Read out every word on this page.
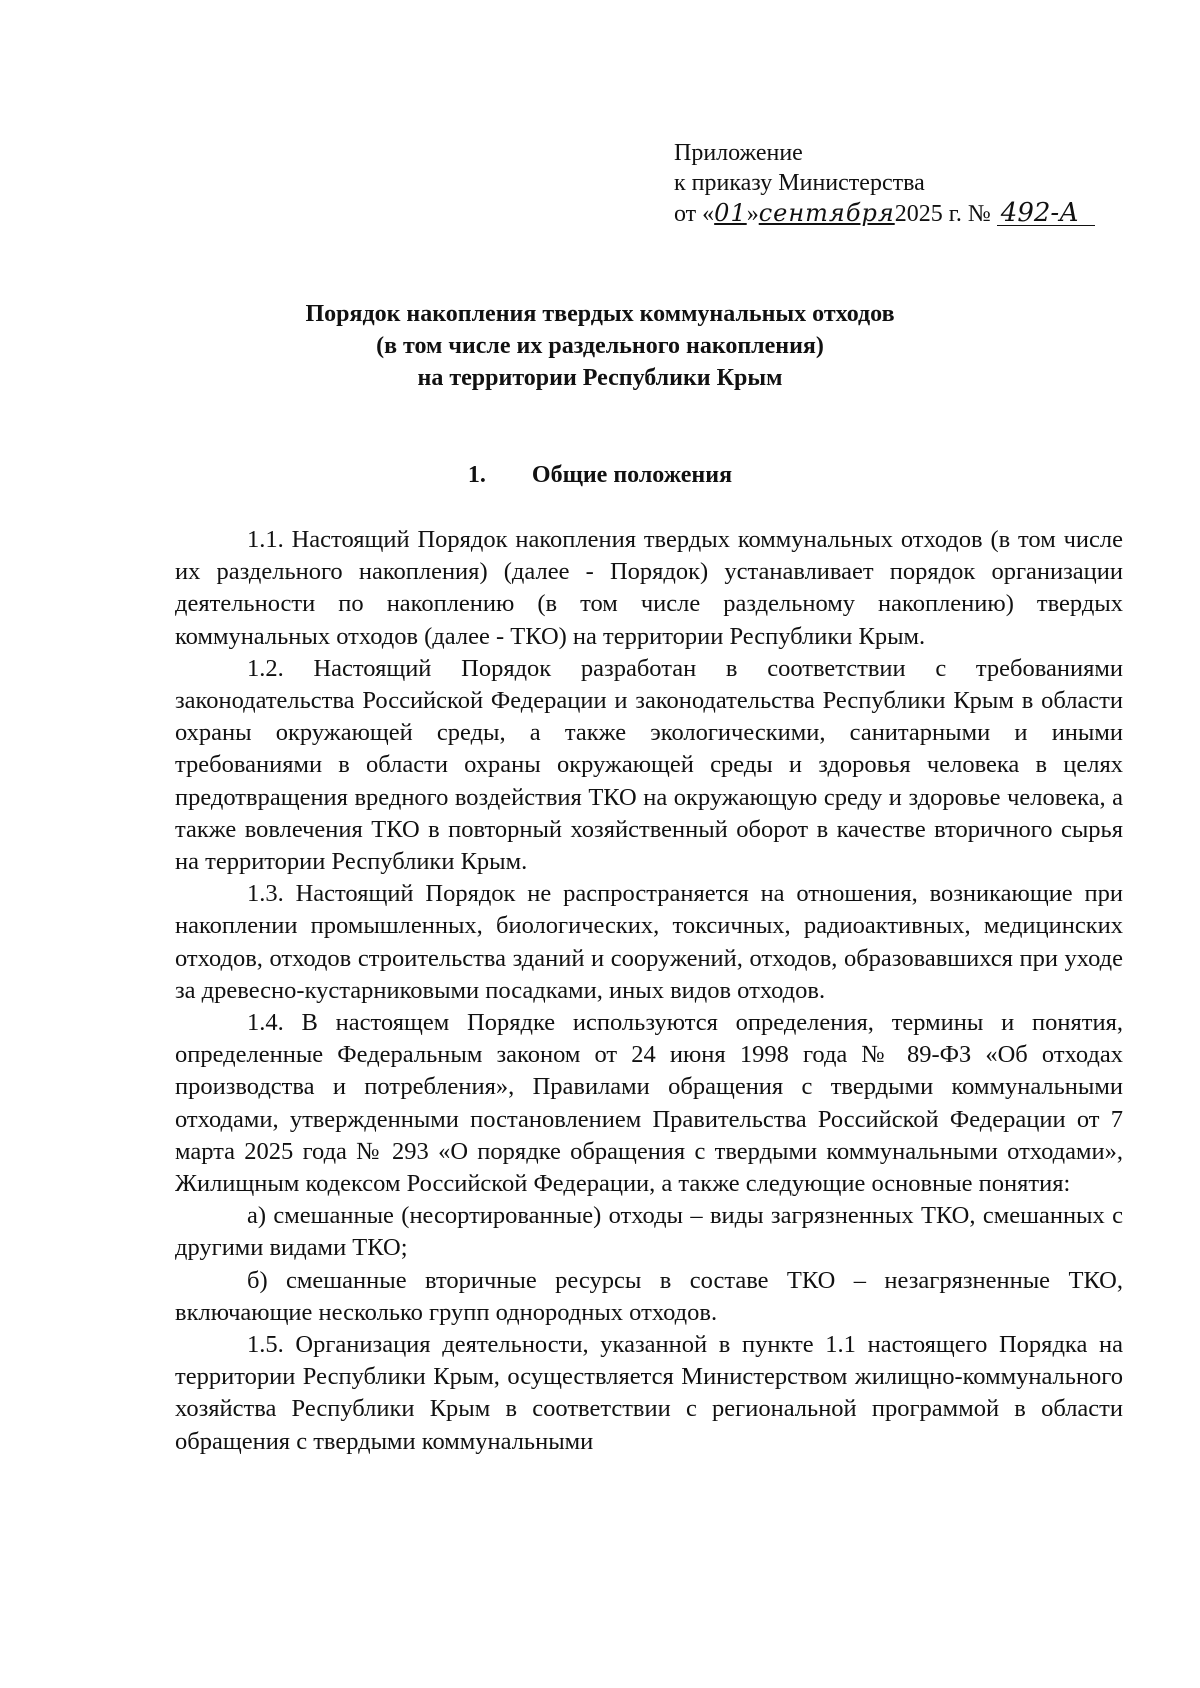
Приложение
к приказу Министерства
от «01»сентября2025 г. № 492-А
Порядок накопления твердых коммунальных отходов
(в том числе их раздельного накопления)
на территории Республики Крым
1. Общие положения

1.1. Настоящий Порядок накопления твердых коммунальных отходов (в том числе их раздельного накопления) (далее - Порядок) устанавливает порядок организации деятельности по накоплению (в том числе раздельному накоплению) твердых коммунальных отходов (далее - ТКО) на территории Республики Крым.

1.2. Настоящий Порядок разработан в соответствии с требованиями законодательства Российской Федерации и законодательства Республики Крым в области охраны окружающей среды, а также экологическими, санитарными и иными требованиями в области охраны окружающей среды и здоровья человека в целях предотвращения вредного воздействия ТКО на окружающую среду и здоровье человека, а также вовлечения ТКО в повторный хозяйственный оборот в качестве вторичного сырья на территории Республики Крым.

1.3. Настоящий Порядок не распространяется на отношения, возникающие при накоплении промышленных, биологических, токсичных, радиоактивных, медицинских отходов, отходов строительства зданий и сооружений, отходов, образовавшихся при уходе за древесно-кустарниковыми посадками, иных видов отходов.

1.4. В настоящем Порядке используются определения, термины и понятия, определенные Федеральным законом от 24 июня 1998 года № 89-ФЗ «Об отходах производства и потребления», Правилами обращения с твердыми коммунальными отходами, утвержденными постановлением Правительства Российской Федерации от 7 марта 2025 года № 293 «О порядке обращения с твердыми коммунальными отходами», Жилищным кодексом Российской Федерации, а также следующие основные понятия:

а) смешанные (несортированные) отходы – виды загрязненных ТКО, смешанных с другими видами ТКО;

б) смешанные вторичные ресурсы в составе ТКО – незагрязненные ТКО, включающие несколько групп однородных отходов.

1.5. Организация деятельности, указанной в пункте 1.1 настоящего Порядка на территории Республики Крым, осуществляется Министерством жилищно-коммунального хозяйства Республики Крым в соответствии с региональной программой в области обращения с твердыми коммунальными
